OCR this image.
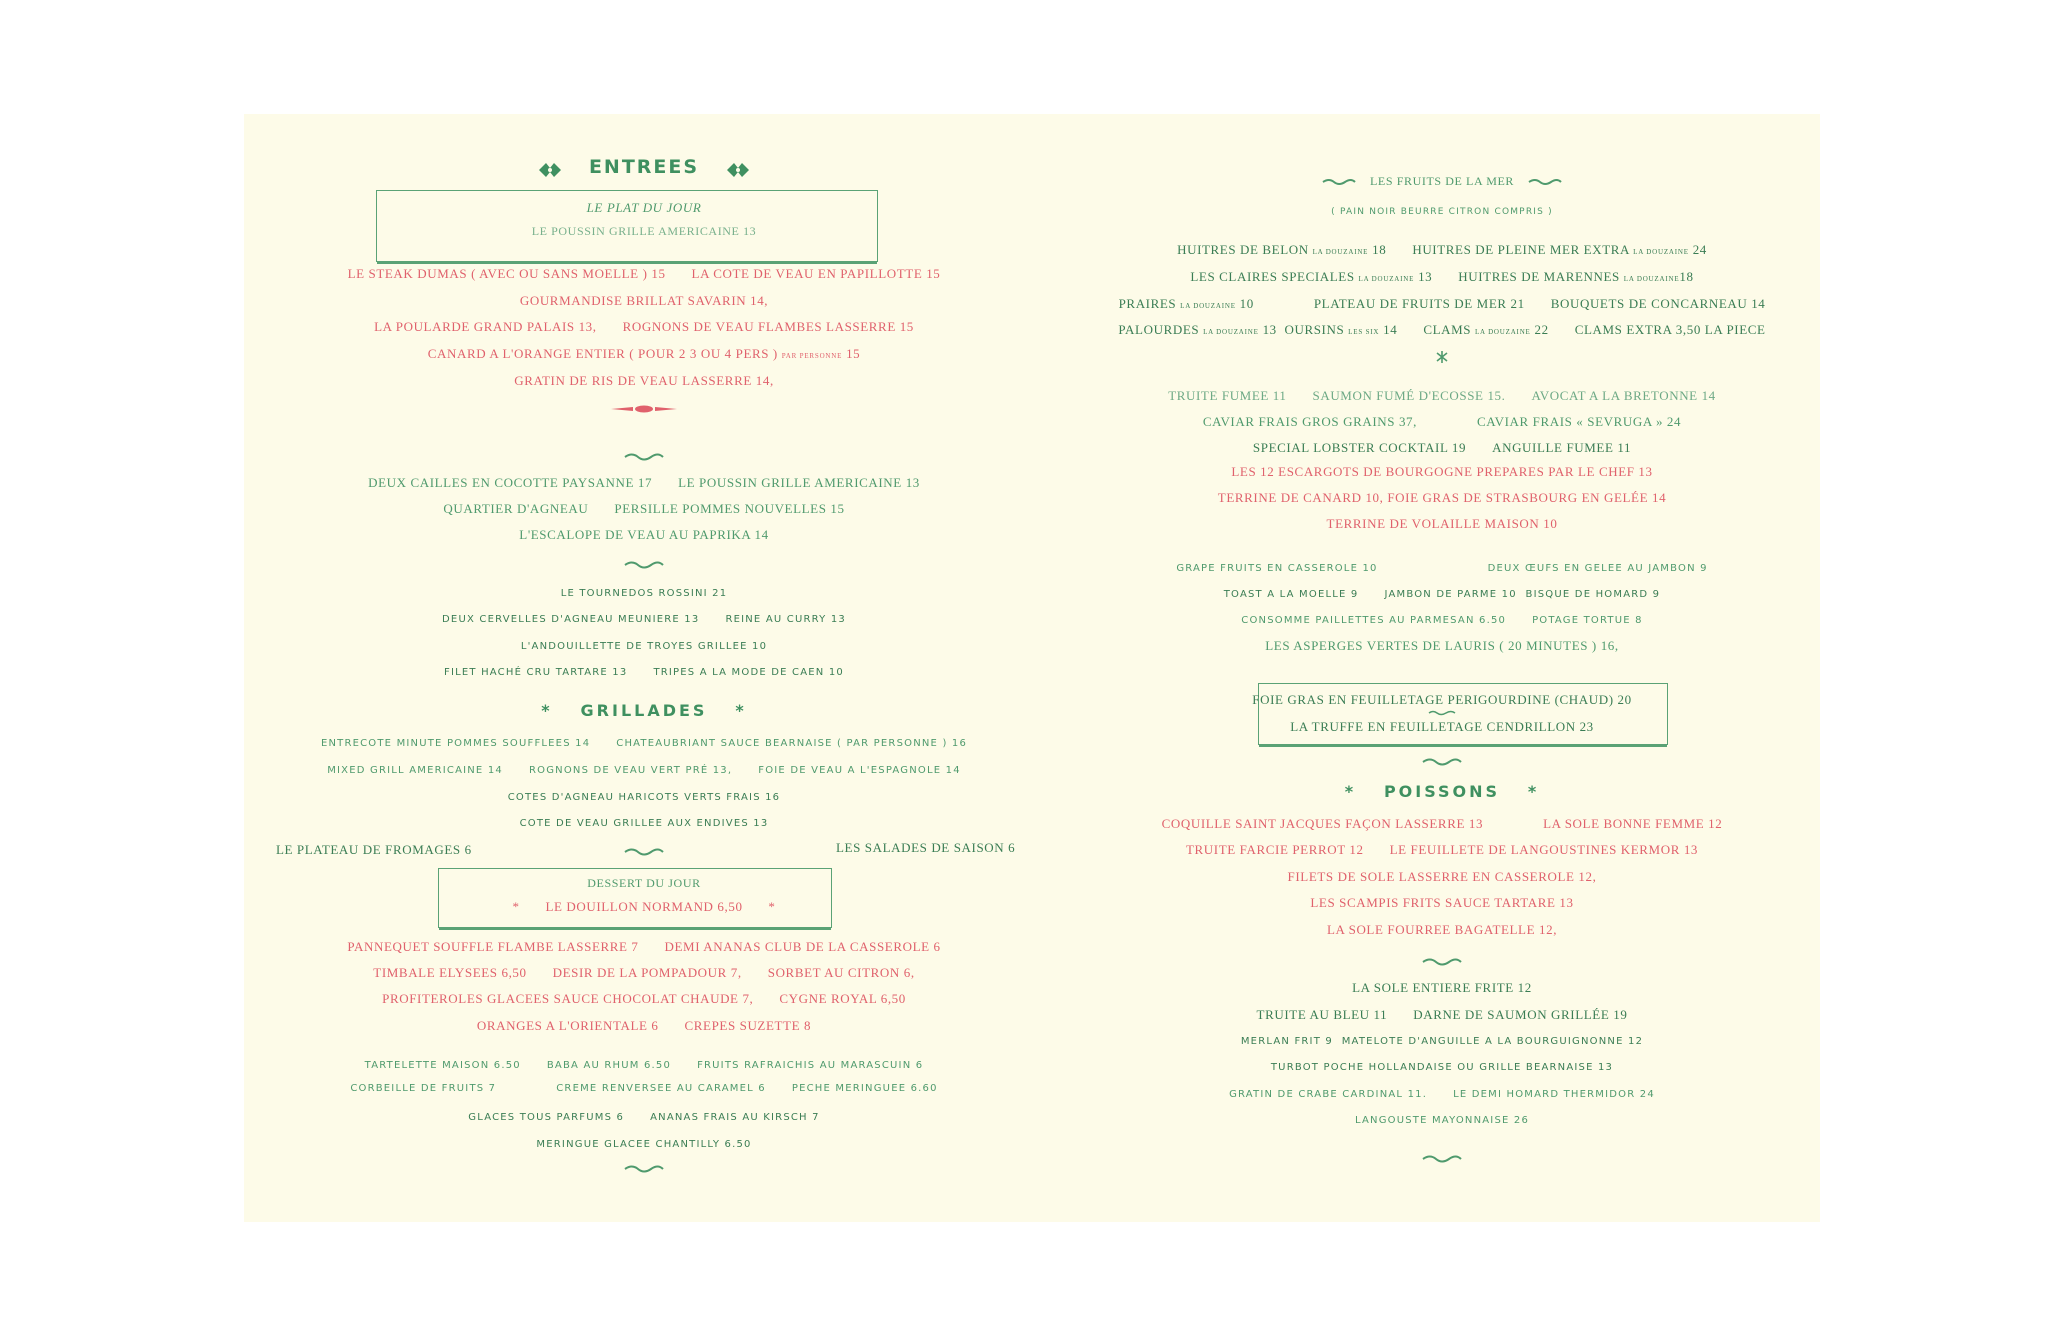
ENTREES
LE PLAT DU JOUR
LE POUSSIN GRILLE AMERICAINE 13
LE STEAK DUMAS ( AVEC OU SANS MOELLE ) 15 LA COTE DE VEAU EN PAPILLOTTE 15
GOURMANDISE BRILLAT SAVARIN 14,
LA POULARDE GRAND PALAIS 13, ROGNONS DE VEAU FLAMBES LASSERRE 15
CANARD A L'ORANGE ENTIER ( POUR 2 3 OU 4 PERS ) PAR PERSONNE 15
GRATIN DE RIS DE VEAU LASSERRE 14,
DEUX CAILLES EN COCOTTE PAYSANNE 17 LE POUSSIN GRILLE AMERICAINE 13
QUARTIER D'AGNEAU PERSILLE POMMES NOUVELLES 15
L'ESCALOPE DE VEAU AU PAPRIKA 14
LE TOURNEDOS ROSSINI 21
DEUX CERVELLES D'AGNEAU MEUNIERE 13	REINE AU CURRY 13
L'ANDOUILLETTE DE TROYES GRILLEE 10
FILET HACHÉ CRU TARTARE 13	TRIPES A LA MODE DE CAEN 10
* GRILLADES *
ENTRECOTE MINUTE POMMES SOUFFLEES 14	CHATEAUBRIANT SAUCE BEARNAISE ( PAR PERSONNE ) 16
MIXED GRILL AMERICAINE 14	ROGNONS DE VEAU VERT PRÉ 13,	FOIE DE VEAU A L'ESPAGNOLE 14
COTES D'AGNEAU HARICOTS VERTS FRAIS 16
COTE DE VEAU GRILLEE AUX ENDIVES 13
LE PLATEAU DE FROMAGES 6	LES SALADES DE SAISON 6
DESSERT DU JOUR
* LE DOUILLON NORMAND 6,50 *
PANNEQUET SOUFFLE FLAMBE LASSERRE 7 DEMI ANANAS CLUB DE LA CASSEROLE 6
TIMBALE ELYSEES 6,50 DESIR DE LA POMPADOUR 7, SORBET AU CITRON 6,
PROFITEROLES GLACEES SAUCE CHOCOLAT CHAUDE 7, CYGNE ROYAL 6,50
ORANGES A L'ORIENTALE 6 CREPES SUZETTE 8
TARTELETTE MAISON 6.50	BABA AU RHUM 6.50	FRUITS RAFRAICHIS AU MARASCUIN 6
CORBEILLE DE FRUITS 7	CREME RENVERSEE AU CARAMEL 6	PECHE MERINGUEE 6.60
GLACES TOUS PARFUMS 6	ANANAS FRAIS AU KIRSCH 7
MERINGUE GLACEE CHANTILLY 6.50
LES FRUITS DE LA MER
( PAIN NOIR BEURRE CITRON COMPRIS )
HUITRES DE BELON LA DOUZAINE 18 HUITRES DE PLEINE MER EXTRA LA DOUZAINE 24
LES CLAIRES SPECIALES LA DOUZAINE 13 HUITRES DE MARENNES LA DOUZAINE18
PRAIRES LA DOUZAINE 10	PLATEAU DE FRUITS DE MER 21 BOUQUETS DE CONCARNEAU 14
PALOURDES LA DOUZAINE 13 OURSINS LES SIX 14 CLAMS LA DOUZAINE 22 CLAMS EXTRA 3,50 LA PIECE
TRUITE FUMEE 11 SAUMON FUMÉ D'ECOSSE 15. AVOCAT A LA BRETONNE 14
CAVIAR FRAIS GROS GRAINS 37,	CAVIAR FRAIS « SEVRUGA » 24
SPECIAL LOBSTER COCKTAIL 19 ANGUILLE FUMEE 11
LES 12 ESCARGOTS DE BOURGOGNE PREPARES PAR LE CHEF 13
TERRINE DE CANARD 10, FOIE GRAS DE STRASBOURG EN GELÉE 14
TERRINE DE VOLAILLE MAISON 10
GRAPE FRUITS EN CASSEROLE 10	DEUX ŒUFS EN GELEE AU JAMBON 9
TOAST A LA MOELLE 9	JAMBON DE PARME 10 BISQUE DE HOMARD 9
CONSOMME PAILLETTES AU PARMESAN 6.50	POTAGE TORTUE 8
LES ASPERGES VERTES DE LAURIS ( 20 MINUTES ) 16,
FOIE GRAS EN FEUILLETAGE PERIGOURDINE (CHAUD) 20
LA TRUFFE EN FEUILLETAGE CENDRILLON 23
* POISSONS *
COQUILLE SAINT JACQUES FAÇON LASSERRE 13	LA SOLE BONNE FEMME 12
TRUITE FARCIE PERROT 12 LE FEUILLETE DE LANGOUSTINES KERMOR 13
FILETS DE SOLE LASSERRE EN CASSEROLE 12,
LES SCAMPIS FRITS SAUCE TARTARE 13
LA SOLE FOURREE BAGATELLE 12,
LA SOLE ENTIERE FRITE 12
TRUITE AU BLEU 11 DARNE DE SAUMON GRILLÉE 19
MERLAN FRIT 9 MATELOTE D'ANGUILLE A LA BOURGUIGNONNE 12
TURBOT POCHE HOLLANDAISE OU GRILLE BEARNAISE 13
GRATIN DE CRABE CARDINAL 11.	LE DEMI HOMARD THERMIDOR 24
LANGOUSTE MAYONNAISE 26
